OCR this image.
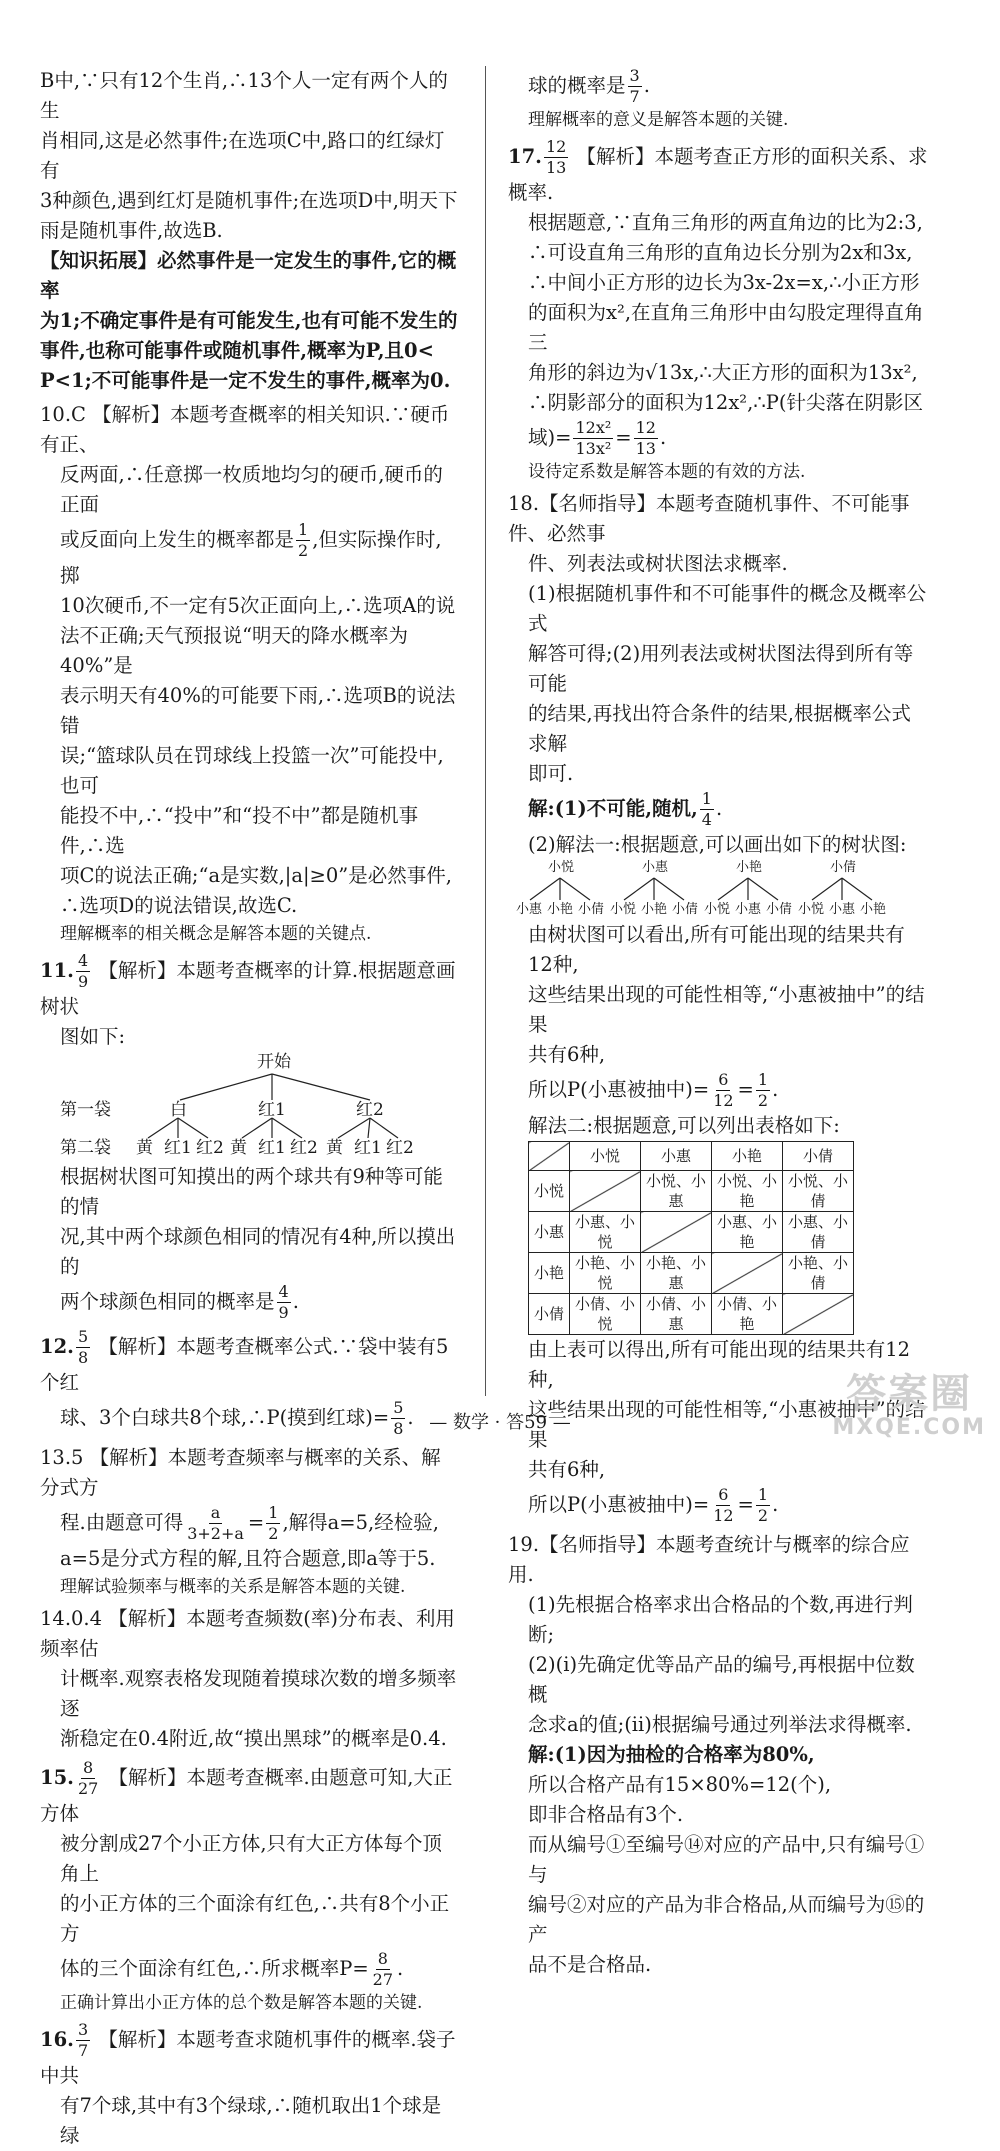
B中,∵只有12个生肖,∴13个人一定有两个人的生

肖相同,这是必然事件;在选项C中,路口的红绿灯有

3种颜色,遇到红灯是随机事件;在选项D中,明天下

雨是随机事件,故选B.

【知识拓展】必然事件是一定发生的事件,它的概率

为1;不确定事件是有可能发生,也有可能不发生的

事件,也称可能事件或随机事件,概率为P,且0<

P<1;不可能事件是一定不发生的事件,概率为0.

10.C 【解析】本题考查概率的相关知识.∵硬币有正、

反两面,∴任意掷一枚质地均匀的硬币,硬币的正面

或反面向上发生的概率都是 $\frac{1}{2}$ ,但实际操作时,掷

10次硬币,不一定有5次正面向上,∴选项A的说

法不正确;天气预报说“明天的降水概率为40%”是

表示明天有40%的可能要下雨,∴选项B的说法错

误;“篮球队员在罚球线上投篮一次”可能投中,也可

能投不中,∴“投中”和“投不中”都是随机事件,∴选

项C的说法正确;“a是实数,|a|≥0”是必然事件,

∴选项D的说法错误,故选C.

理解概率的相关概念是解答本题的关键点.

11. $\frac{4}{9}$ 【解析】本题考查概率的计算.根据题意画树状

图如下:

开始
第一袋
第二袋
白	红1	红2
黄 红1 红2 黄 红1 红2 黄 红1 红2

根据树状图可知摸出的两个球共有9种等可能的情

况,其中两个球颜色相同的情况有4种,所以摸出的

两个球颜色相同的概率是 $\frac{4}{9}$ .

12. $\frac{5}{8}$ 【解析】本题考查概率公式.∵袋中装有5个红

球、3个白球共8个球,∴P(摸到红球)= $\frac{5}{8}$ .

13.5 【解析】本题考查频率与概率的关系、解分式方

程.由题意可得 $\frac{a}{3+2+a} = \frac{1}{2}$ ,解得a=5,经检验,

a=5是分式方程的解,且符合题意,即a等于5.

理解试验频率与概率的关系是解答本题的关键.

14.0.4 【解析】本题考查频数(率)分布表、利用频率估

计概率.观察表格发现随着摸球次数的增多频率逐

渐稳定在0.4附近,故“摸出黑球”的概率是0.4.

15. $\frac{8}{27}$ 【解析】本题考查概率.由题意可知,大正方体

被分割成27个小正方体,只有大正方体每个顶角上

的小正方体的三个面涂有红色,∴共有8个小正方

体的三个面涂有红色,∴所求概率$P= \frac{8}{27}$ .

正确计算出小正方体的总个数是解答本题的关键.

16. $\frac{3}{7}$ 【解析】本题考查求随机事件的概率.袋子中共

有7个球,其中有3个绿球,∴随机取出1个球是绿

球的概率是 $\frac{3}{7}$ .

理解概率的意义是解答本题的关键.

17. $\frac{12}{13}$ 【解析】本题考查正方形的面积关系、求概率.

根据题意,∵直角三角形的两直角边的比为2:3,

∴可设直角三角形的直角边长分别为2x和3x,

∴中间小正方形的边长为3x-2x=x,∴小正方形

的面积为x²,在直角三角形中由勾股定理得直角三

角形的斜边为√13x,∴大正方形的面积为13x²,

∴阴影部分的面积为12x²,∴P(针尖落在阴影区

域)= $\frac{\text{12x²}}{\text{13x²}} = \frac{12}{13}$ .

设待定系数是解答本题的有效的方法.

18.【名师指导】本题考查随机事件、不可能事件、必然事

件、列表法或树状图法求概率.

(1)根据随机事件和不可能事件的概念及概率公式

解答可得;(2)用列表法或树状图法得到所有等可能

的结果,再找出符合条件的结果,根据概率公式求解

即可.

解:(1)不可能,随机, $\frac{1}{4}$ .

(2)解法一:根据题意,可以画出如下的树状图:

小悦	小惠	小艳	小倩
小惠 小艳 小倩 小悦 小艳 小倩 小悦 小惠 小倩 小悦 小惠 小艳

由树状图可以看出,所有可能出现的结果共有12种,

这些结果出现的可能性相等,“小惠被抽中”的结果

共有6种,

所以P(小惠被抽中)= $\frac{6}{12} = \frac{1}{2}$ .

解法二:根据题意,可以列出表格如下:

	小悦	小惠	小艳	小倩
小悦		小悦、小惠	小悦、小艳	小悦、小倩
小惠	小惠、小悦		小惠、小艳	小惠、小倩
小艳	小艳、小悦	小艳、小惠		小艳、小倩
小倩	小倩、小悦	小倩、小惠	小倩、小艳	

由上表可以得出,所有可能出现的结果共有12种,

这些结果出现的可能性相等,“小惠被抽中”的结果

共有6种,

所以P(小惠被抽中)= $\frac{6}{12} = \frac{1}{2}$ .

19.【名师指导】本题考查统计与概率的综合应用.

(1)先根据合格率求出合格品的个数,再进行判断;

(2)(ⅰ)先确定优等品产品的编号,再根据中位数概

念求a的值;(ⅱ)根据编号通过列举法求得概率.

解:(1)因为抽检的合格率为80%,

所以合格产品有15×80%=12(个),

即非合格品有3个.

而从编号①至编号⑭对应的产品中,只有编号①与

编号②对应的产品为非合格品,从而编号为⑮的产

品不是合格品.

— 数学 · 答59 —
答案圈
MXQE.COM
